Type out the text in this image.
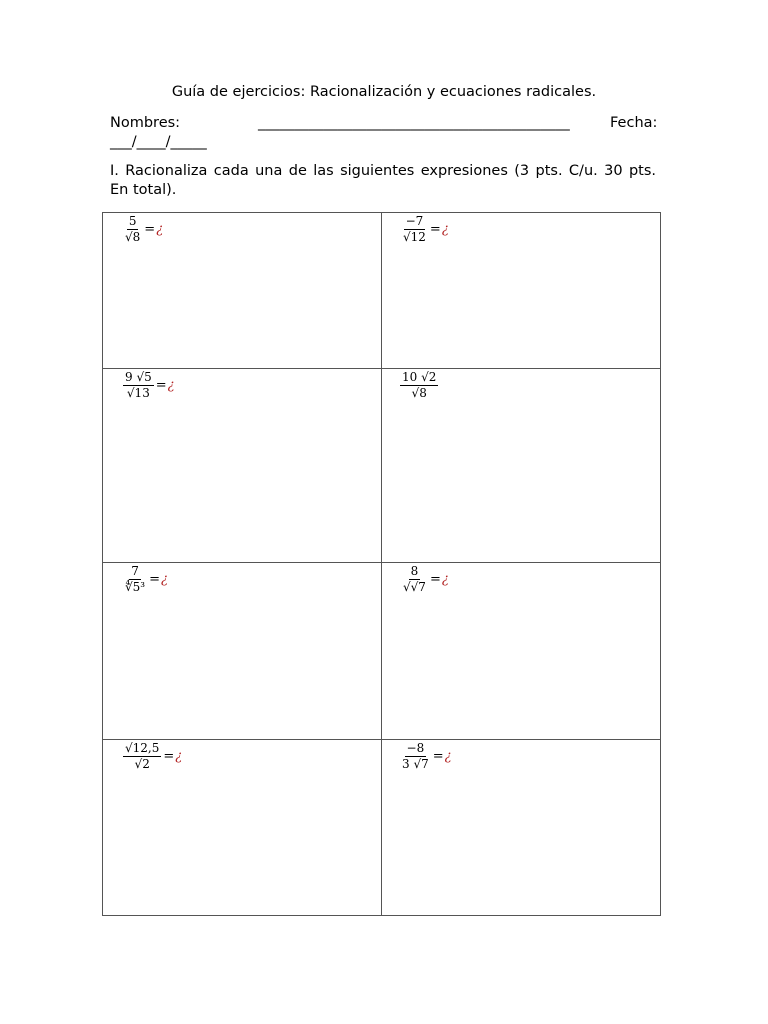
Guía de ejercicios: Racionalización y ecuaciones radicales.
Nombres:	___________________________________________	Fecha:
___/____/_____
I. Racionaliza cada una de las siguientes expresiones (3 pts. C/u. 30 pts. En total).
$\frac{5}{√8}$ = ¿	$\frac{-7}{√12}$ = ¿

$\frac{9 √5}{√13}$ = ¿	$\frac{10 √2}{√8}$

$\frac{7}{\text{∜5³}}$ = ¿	$\frac{8}{√√7}$ = ¿

$\frac{√12,5}{√2}$ = ¿	$\frac{-8}{3 √7}$ = ¿
